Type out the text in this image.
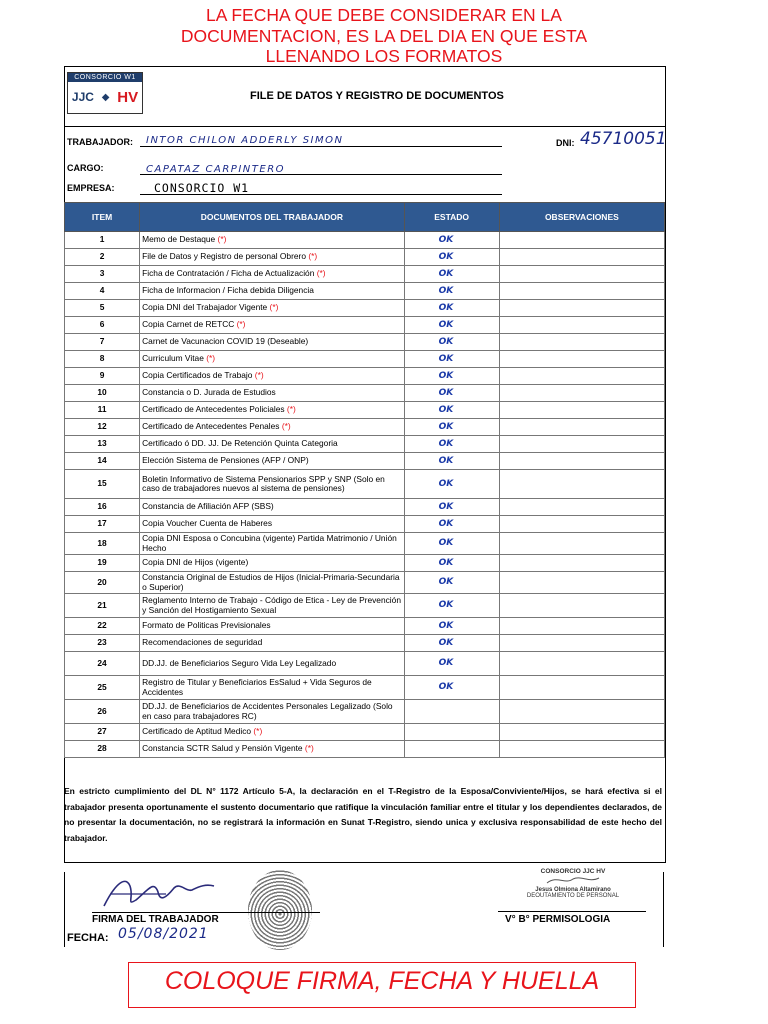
LA FECHA QUE DEBE CONSIDERAR EN LA
DOCUMENTACION, ES LA DEL DIA EN QUE ESTA
LLENANDO LOS FORMATOS
CONSORCIO W1
JJC ◆ HV	FILE DE DATOS Y REGISTRO DE DOCUMENTOS
TRABAJADOR:	INTOR CHILON ADDERLY SIMON	DNI: 45710051
CARGO:	CAPATAZ CARPINTERO
EMPRESA:	CONSORCIO W1
ITEM	DOCUMENTOS DEL TRABAJADOR	ESTADO	OBSERVACIONES
1	Memo de Destaque (*)	OK	
2	File de Datos y Registro de personal Obrero (*)	OK	
3	Ficha de Contratación / Ficha de Actualización (*)	OK	
4	Ficha de Informacion / Ficha debida Diligencia	OK	
5	Copia DNI del Trabajador Vigente (*)	OK	
6	Copia Carnet de RETCC (*)	OK	
7	Carnet de Vacunacion COVID 19 (Deseable)	OK	
8	Curriculum Vitae (*)	OK	
9	Copia Certificados de Trabajo (*)	OK	
10	Constancia o D. Jurada de Estudios	OK	
11	Certificado de Antecedentes Policiales (*)	OK	
12	Certificado de Antecedentes Penales (*)	OK	
13	Certificado ó DD. JJ. De Retención Quinta Categoria	OK	
14	Elección Sistema de Pensiones (AFP / ONP)	OK	
15	Boletin Informativo de Sistema Pensionarios SPP y SNP (Solo en caso de trabajadores nuevos al sistema de pensiones)	OK	
16	Constancia de Afiliación AFP (SBS)	OK	
17	Copia Voucher Cuenta de Haberes	OK	
18	Copia DNI Esposa o Concubina (vigente) Partida Matrimonio / Unión Hecho	OK	
19	Copia DNI de Hijos (vigente)	OK	
20	Constancia Original de Estudios de Hijos (Inicial-Primaria-Secundaria o Superior)	OK	
21	Reglamento Interno de Trabajo - Código de Etica - Ley de Prevención y Sanción del Hostigamiento Sexual	OK	
22	Formato de Politicas Previsionales	OK	
23	Recomendaciones de seguridad	OK	
24	DD.JJ. de Beneficiarios Seguro Vida Ley Legalizado	OK	
25	Registro de Titular y Beneficiarios EsSalud + Vida Seguros de Accidentes	OK	
26	DD.JJ. de Beneficiarios de Accidentes Personales Legalizado (Solo en caso para trabajadores RC)		
27	Certificado de Aptitud Medico (*)		
28	Constancia SCTR Salud y Pensión Vigente (*)		
En estricto cumplimiento del DL N° 1172 Artículo 5-A, la declaración en el T-Registro de la Esposa/Conviviente/Hijos, se hará efectiva si el trabajador presenta oportunamente el sustento documentario que ratifique la vinculación familiar entre el titular y los dependientes declarados, de no presentar la documentación, no se registrará la información en Sunat T-Registro, siendo unica y exclusiva responsabilidad de este hecho del trabajador.
FIRMA DEL TRABAJADOR
FECHA: 05/08/2021
CONSORCIO JJC HV
Jesus Olmiona Altamirano
DEOUTAMIENTO DE PERSONAL
V° B° PERMISOLOGIA
COLOQUE FIRMA, FECHA Y HUELLA
